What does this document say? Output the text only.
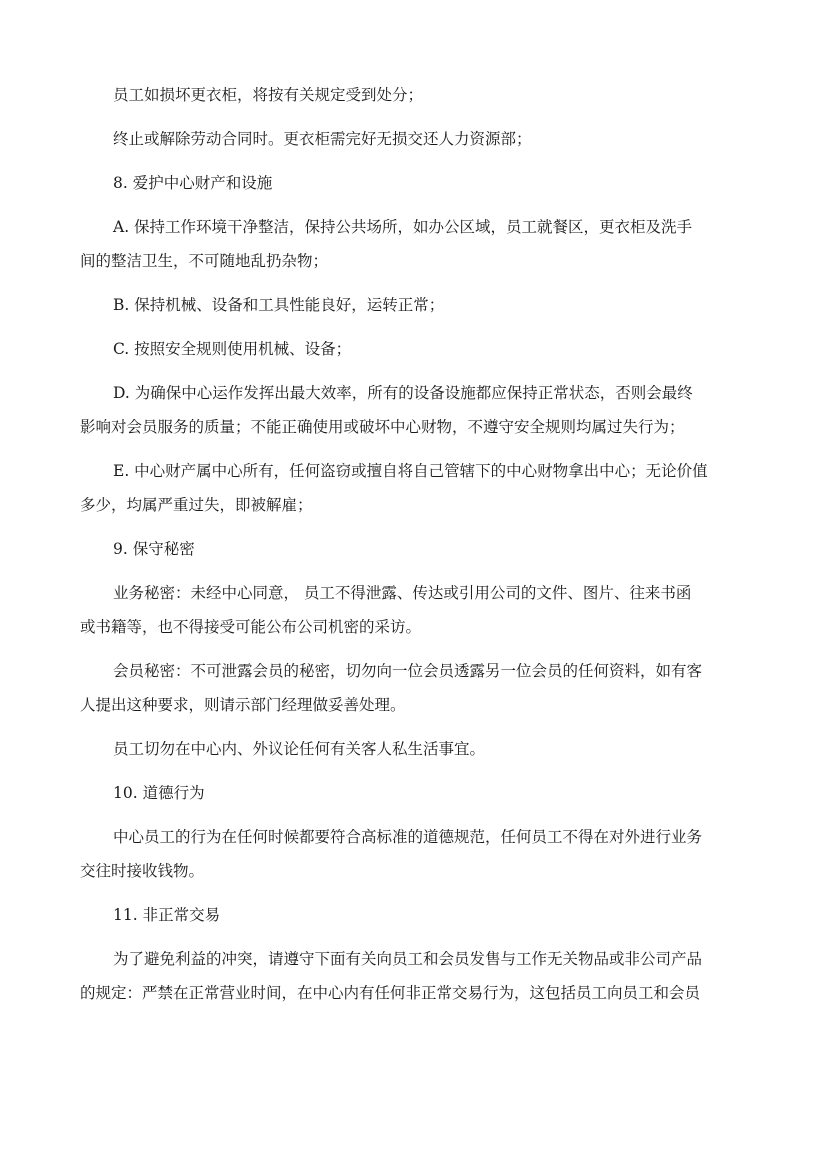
员工如损坏更衣柜，将按有关规定受到处分；
终止或解除劳动合同时。更衣柜需完好无损交还人力资源部；
8. 爱护中心财产和设施
A. 保持工作环境干净整洁，保持公共场所，如办公区域，员工就餐区，更衣柜及洗手
间的整洁卫生，不可随地乱扔杂物；
B. 保持机械、设备和工具性能良好，运转正常；
C. 按照安全规则使用机械、设备；
D. 为确保中心运作发挥出最大效率，所有的设备设施都应保持正常状态，否则会最终
影响对会员服务的质量；不能正确使用或破坏中心财物，不遵守安全规则均属过失行为；
E. 中心财产属中心所有，任何盗窃或擅自将自己管辖下的中心财物拿出中心；无论价值
多少，均属严重过失，即被解雇；
9. 保守秘密
业务秘密：未经中心同意， 员工不得泄露、传达或引用公司的文件、图片、往来书函
或书籍等，也不得接受可能公布公司机密的采访。
会员秘密：不可泄露会员的秘密，切勿向一位会员透露另一位会员的任何资料，如有客
人提出这种要求，则请示部门经理做妥善处理。
员工切勿在中心内、外议论任何有关客人私生活事宜。
10. 道德行为
中心员工的行为在任何时候都要符合高标准的道德规范，任何员工不得在对外进行业务
交往时接收钱物。
11. 非正常交易
为了避免利益的冲突，请遵守下面有关向员工和会员发售与工作无关物品或非公司产品
的规定：严禁在正常营业时间，在中心内有任何非正常交易行为，这包括员工向员工和会员
